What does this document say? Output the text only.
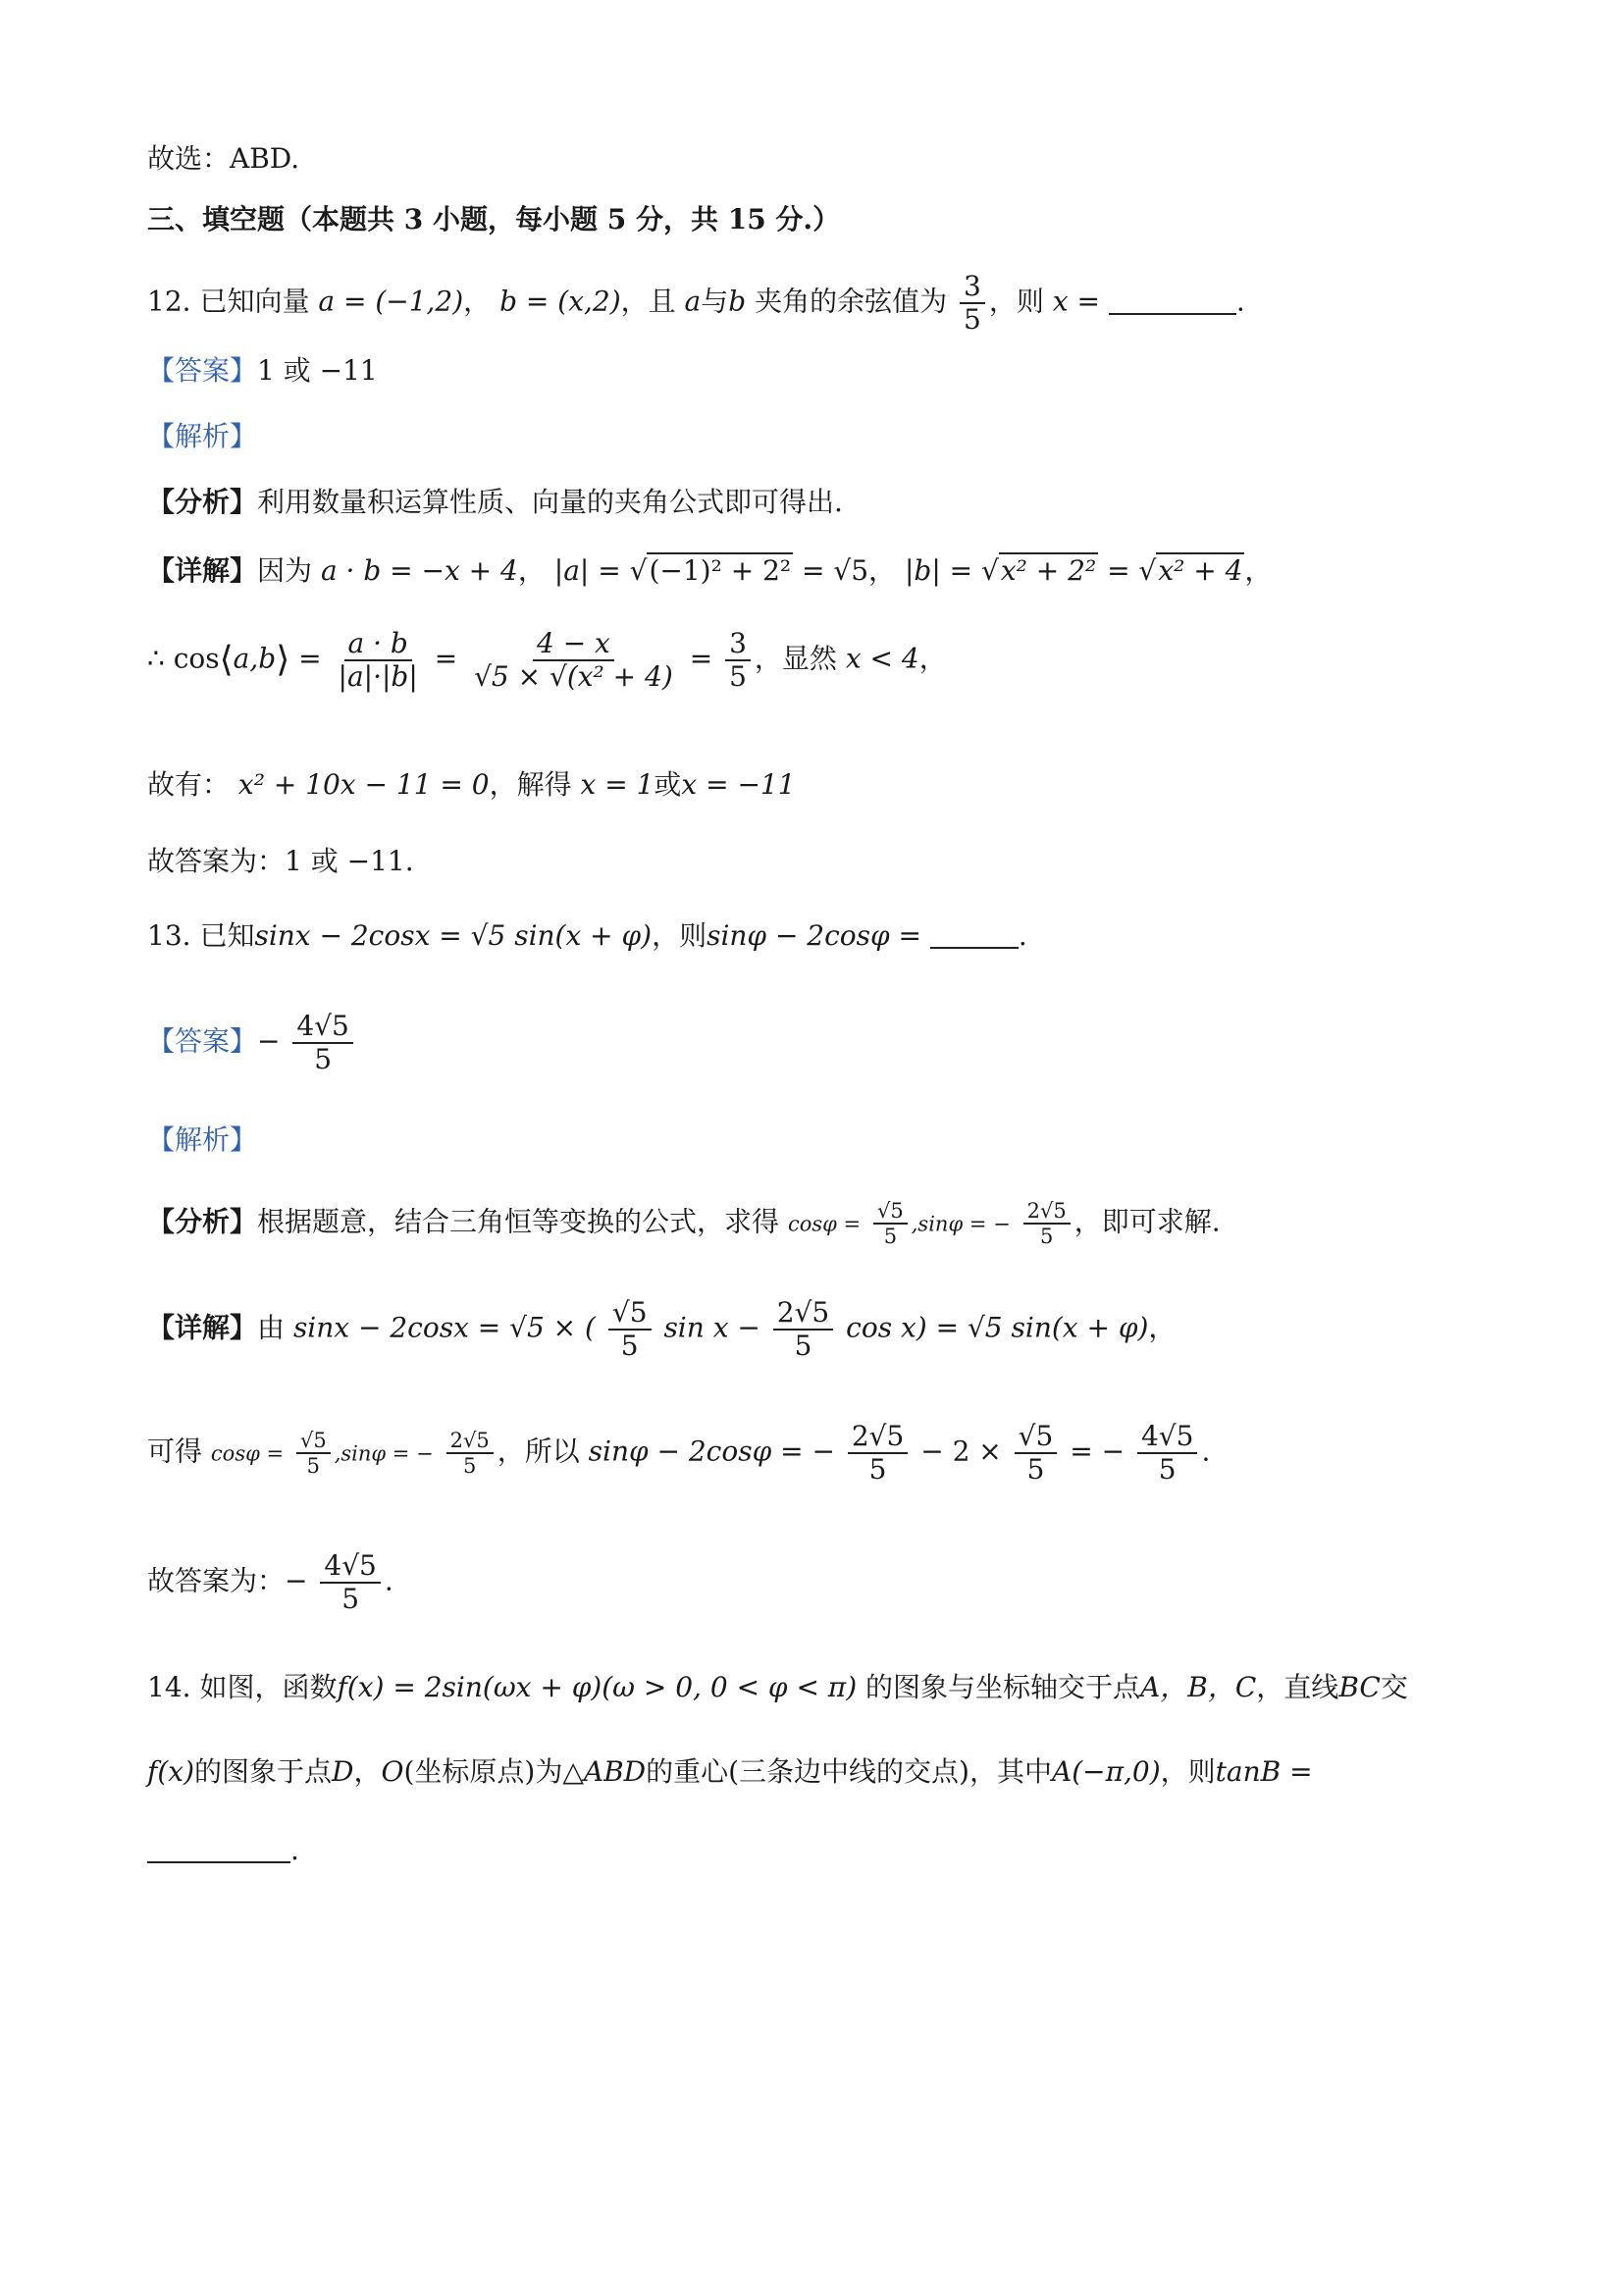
故选：ABD.
三、填空题（本题共 3 小题，每小题 5 分，共 15 分.）
12. 已知向量 a = (−1,2)， b = (x,2)，且 a与b 夹角的余弦值为 $\frac{3}{5}$ ，则 x =	.
【答案】1 或 −11
【解析】
【分析】利用数量积运算性质、向量的夹角公式即可得出.
【详解】因为 a · b = −x + 4， |a| = √(−1)² + 2² = √5， |b| = √x² + 2² = √x² + 4，
∴ cos⟨a,b⟩ = $\frac{a \cdot b}{|a|\cdot|b|} = \frac{4 - x}{\text{√5 × √(x² + 4)}} = \frac{3}{5}$ ，显然 x < 4，
故有： x² + 10x − 11 = 0，解得 x = 1或x = −11
故答案为：1 或 −11.
13. 已知sinx − 2cosx = √5 sin(x + φ)，则sinφ − 2cosφ =	.
【答案】− $\frac{4√5}{5}$
【解析】
【分析】根据题意，结合三角恒等变换的公式，求得 $\cos\varphi = \frac{√5}{5} ,\sin\varphi$ = − $\frac{2√5}{5}$ ，即可求解.
【详解】由 sinx − 2cosx = √5 × ( $\frac{√5}{5}$ $\sin x - \frac{2√5}{5}$ cos x) = √5 sin(x + φ)，
可得 $\cos\varphi = \frac{√5}{5} ,\sin\varphi$ = − $\frac{2√5}{5}$ ，所以 sinφ − 2cosφ = − $\frac{2√5}{5} - 2 \times \frac{√5}{5}$ = − $\frac{4√5}{5}$ .
故答案为：− $\frac{4√5}{5}$ .
14. 如图，函数f(x) = 2sin(ωx + φ)(ω > 0, 0 < φ < π) 的图象与坐标轴交于点A，B，C，直线BC交
f(x)的图象于点D，O(坐标原点)为△ABD的重心(三条边中线的交点)，其中A(−π,0)，则tanB =
.
